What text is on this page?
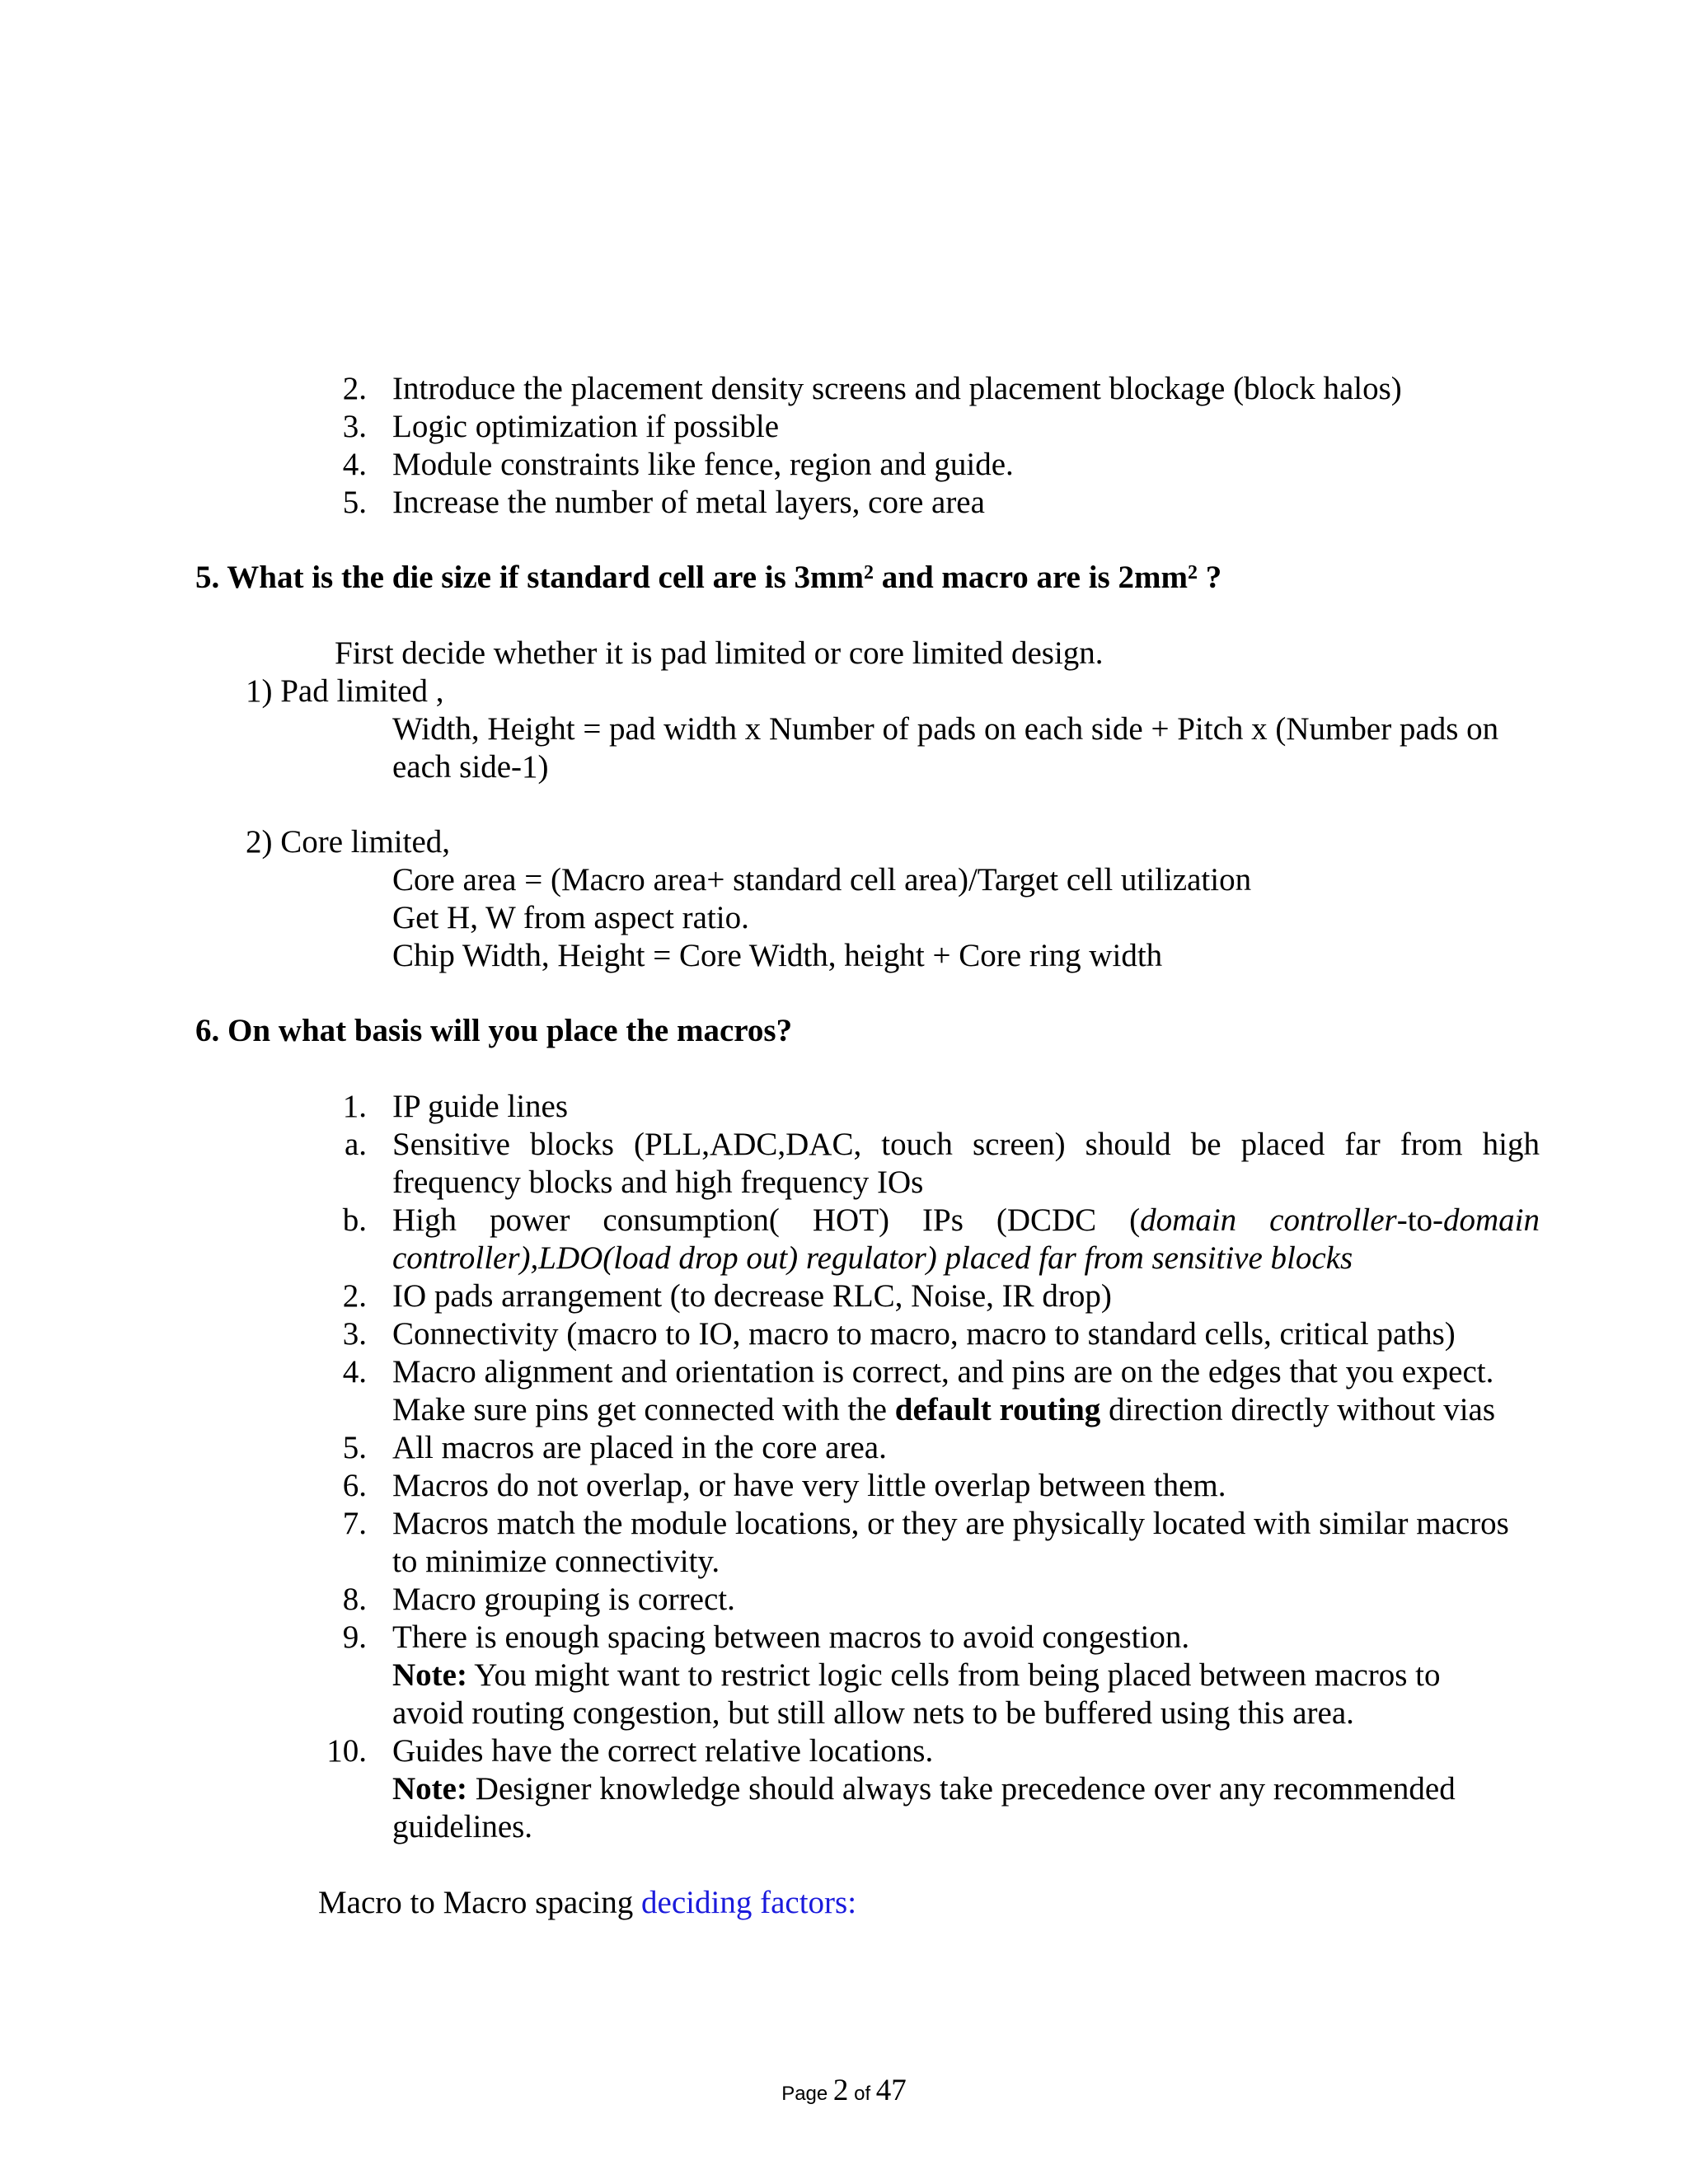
2. Introduce the placement density screens and placement blockage (block halos)
3. Logic optimization if possible
4. Module constraints like fence, region and guide.
5. Increase the number of metal layers, core area
5. What is the die size if standard cell are is $3mm^2$ and macro are is $2mm^2$ ?
First decide whether it is pad limited or core limited design.
1) Pad limited ,
Width, Height = pad width x Number of pads on each side + Pitch x (Number pads on
each side-1)
2) Core limited,
Core area = (Macro area+ standard cell area)/Target cell utilization
Get H, W from aspect ratio.
Chip Width, Height = Core Width, height + Core ring width
6. On what basis will you place the macros?
1. IP guide lines
a. Sensitive blocks (PLL,ADC,DAC, touch screen) should be placed far from high
frequency blocks and high frequency IOs
b. High power consumption( HOT) IPs (DCDC (domain controller-to-domain
controller),LDO(load drop out) regulator) placed far from sensitive blocks
2. IO pads arrangement (to decrease RLC, Noise, IR drop)
3. Connectivity (macro to IO, macro to macro, macro to standard cells, critical paths)
4. Macro alignment and orientation is correct, and pins are on the edges that you expect.
Make sure pins get connected with the default routing direction directly without vias
5. All macros are placed in the core area.
6. Macros do not overlap, or have very little overlap between them.
7. Macros match the module locations, or they are physically located with similar macros
to minimize connectivity.
8. Macro grouping is correct.
9. There is enough spacing between macros to avoid congestion.
Note: You might want to restrict logic cells from being placed between macros to
avoid routing congestion, but still allow nets to be buffered using this area.
10. Guides have the correct relative locations.
Note: Designer knowledge should always take precedence over any recommended
guidelines.
Macro to Macro spacing deciding factors:
Page 2 of 47
